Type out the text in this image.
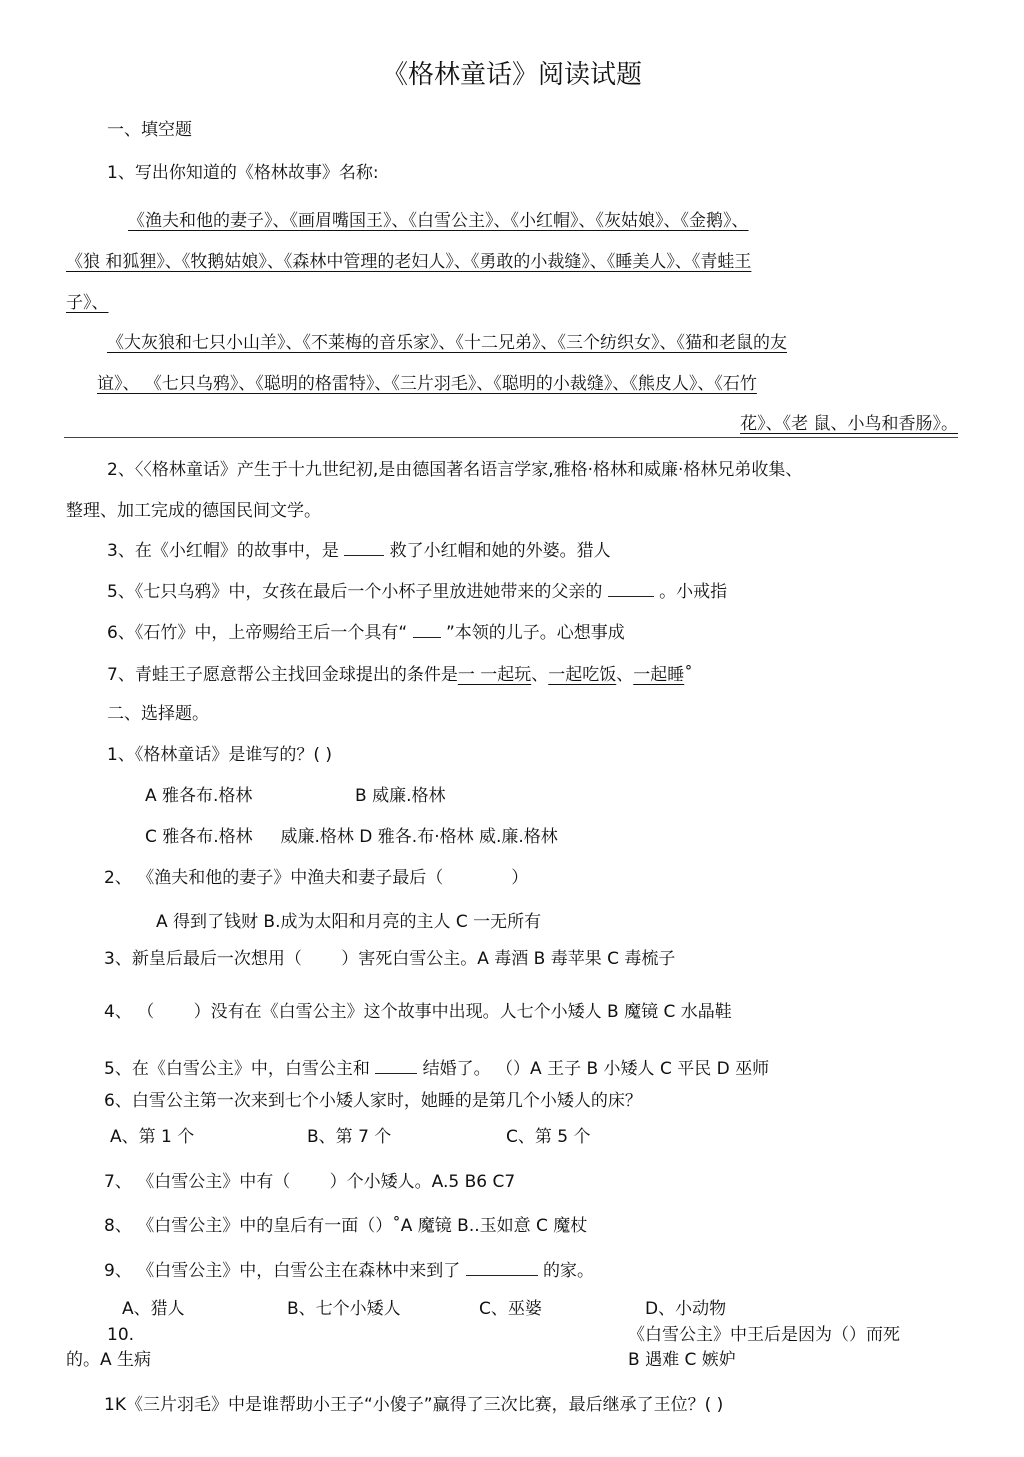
《格林童话》阅读试题
一、填空题
1、写出你知道的《格林故事》名称:
《渔夫和他的妻子》、《画眉嘴国王》、《白雪公主》、《小红帽》、《灰姑娘》、《金鹅》、
《狼 和狐狸》、《牧鹅姑娘》、《森林中管理的老妇人》、《勇敢的小裁缝》、《睡美人》、《青蛙王
子》、
《大灰狼和七只小山羊》、《不莱梅的音乐家》、《十二兄弟》、《三个纺织女》、《猫和老鼠的友
谊》、 《七只乌鸦》、《聪明的格雷特》、《三片羽毛》、《聪明的小裁缝》、《熊皮人》、《石竹
花》、《老 鼠、小鸟和香肠》。
2、〈〈格林童话》产生于十九世纪初,是由德国著名语言学家,雅格·格林和威廉·格林兄弟收集、
整理、加工完成的德国民间文学。
3、在《小红帽》的故事中，是	救了小红帽和她的外婆。猎人
5、《七只乌鸦》中，女孩在最后一个小杯子里放进她带来的父亲的	。小戒指
6、《石竹》中，上帝赐给王后一个具有“ ”本领的儿子。心想事成
7、青蛙王子愿意帮公主找回金球提出的条件是一 一起玩、一起吃饭、一起睡˚
二、选择题。
1、《格林童话》是谁写的？( )
A 雅各布.格林	B 威廉.格林
C 雅各布.格林 　 威廉.格林 D 雅各.布·格林 威.廉.格林
2、 《渔夫和他的妻子》中渔夫和妻子最后（　　　　）
A 得到了钱财 B.成为太阳和月亮的主人 C 一无所有
3、新皇后最后一次想用（　　 ）害死白雪公主。A 毒酒 B 毒苹果 C 毒梳子
4、 （　　 ）没有在《白雪公主》这个故事中出现。人七个小矮人 B 魔镜 C 水晶鞋
5、在《白雪公主》中，白雪公主和	结婚了。 （）A 王子 B 小矮人 C 平民 D 巫师
6、白雪公主第一次来到七个小矮人家时，她睡的是第几个小矮人的床？
A、第 1 个	B、第 7 个	C、第 5 个
7、 《白雪公主》中有（　　 ）个小矮人。A.5 B6 C7
8、 《白雪公主》中的皇后有一面（）˚A 魔镜 B..玉如意 C 魔杖
9、 《白雪公主》中，白雪公主在森林中来到了	的家。
A、猎人	B、七个小矮人	C、巫婆	D、小动物
10.	《白雪公主》中王后是因为（）而死
的。A 生病	B 遇难 C 嫉妒
1K《三片羽毛》中是谁帮助小王子“小傻子”赢得了三次比赛，最后继承了王位？( )
